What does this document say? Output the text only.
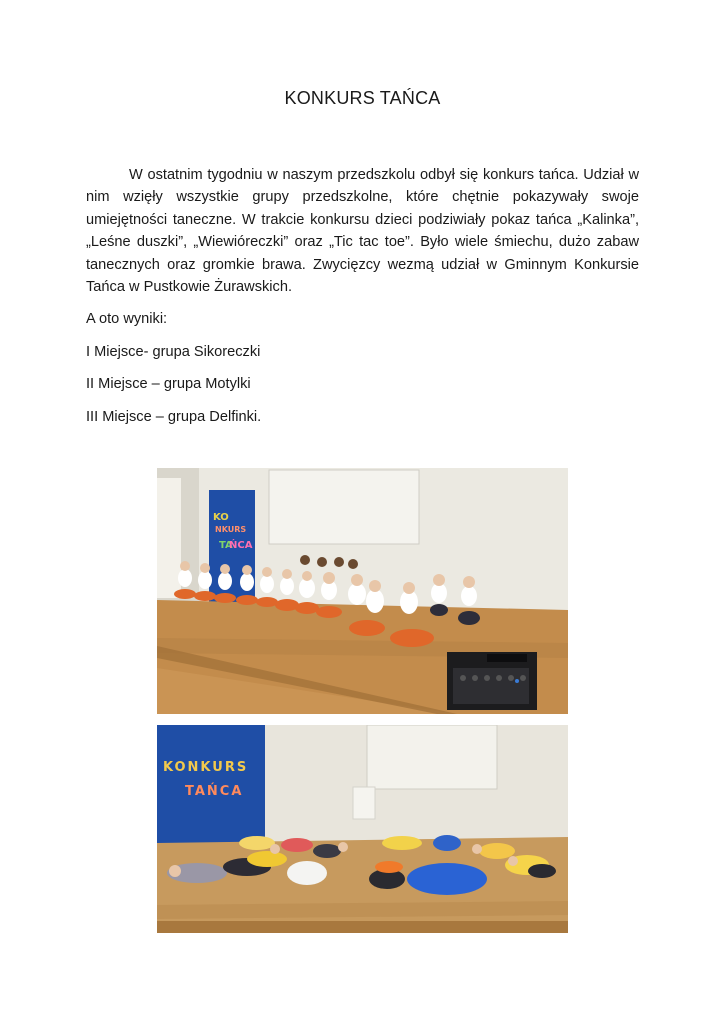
KONKURS TAŃCA

W ostatnim tygodniu w naszym przedszkolu odbył się konkurs tańca. Udział w nim wzięły wszystkie grupy przedszkolne, które chętnie pokazywały swoje umiejętności taneczne. W trakcie konkursu dzieci podziwiały pokaz tańca „Kalinka”, „Leśne duszki”, „Wiewióreczki” oraz „Tic tac toe”. Było wiele śmiechu, dużo zabaw tanecznych oraz gromkie brawa. Zwycięzcy wezmą udział w Gminnym Konkursie Tańca w Pustkowie Żurawskich.

A oto wyniki:

I Miejsce- grupa Sikoreczki

II Miejsce – grupa Motylki

III Miejsce – grupa Delfinki.

KO
NKURS
TA
ŃCA
KONKURS
TAŃCA
